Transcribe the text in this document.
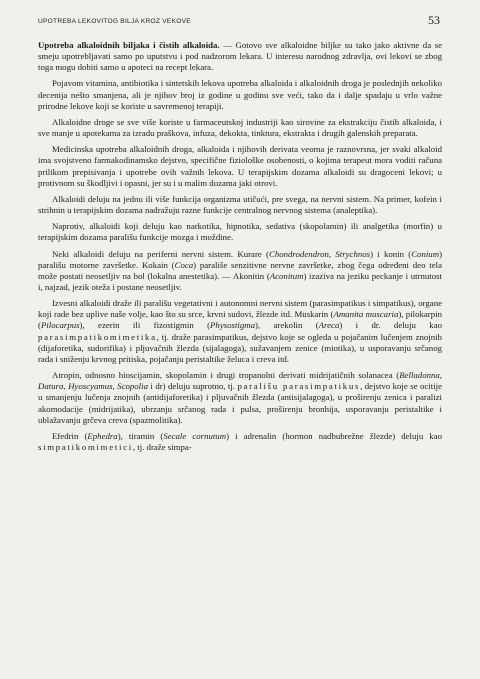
UPOTREBA LEKOVITOG BILJA KROZ VEKOVE	53

Upotreba alkaloidnih biljaka i čistih alkaloida. — Gotovo sve alkaloidne biljke su tako jako aktivne da se smeju upotrebljavati samo po uputstvu i pod nadzorom lekara. U interesu narodnog zdravlja, ovi lekovi se zbog toga mogu dobiti samo u apoteci na recept lekara.

Pojavom vitamina, antibiotika i sintetskih lekova upotreba alkaloida i alkaloidnih droga je poslednjih nekoliko decenija nešto smanjena, ali je njihov broj iz godine u godinu sve veći, tako da i dalje spadaju u vrlo važne prirodne lekove koji se koriste u savremenoj terapiji.

Alkaloidne droge se sve više koriste u farmaceutskoj industriji kao sirovine za ekstrakciju čistih alkaloida, i sve manje u apotekama za izradu praškova, infuza, dekokta, tinktura, ekstrakta i drugih galenskih preparata.

Medicinska upotreba alkaloidnih droga, alkaloida i njihovih derivata veoma je raznovrsna, jer svaki alkaloid ima svojstveno farmakodinamsko dejstvo, specifične fiziološke osobenosti, o kojima terapeut mora voditi računa prilikom prepisivanja i upotrebe ovih važnih lekova. U terapijskim dozama alkaloidi su dragoceni lekovi; u protivnom su škodljivi i opasni, jer su i u malim dozama jaki otrovi.

Alkaloidi deluju na jednu ili više funkcija organizma utičući, pre svega, na nervni sistem. Na primer, kofein i strihnin u terapijskim dozama nadražuju razne funkcije centralnog nervnog sistema (analeptika).

Naprotiv, alkaloidi koji deluju kao narkotika, hipnotika, sedativa (skopolamin) ili analgetika (morfin) u terapijskim dozama parališu funkcije mozga i moždine.

Neki alkaloidi deluju na periferni nervni sistem. Kurare (Chondrodendron, Strychnos) i konin (Conium) parališu motorne završetke. Kokain (Coca) parališe senzitivne nervne završetke, zbog čega određeni deo tela može postati neosetljiv na bol (lokalna anestetika). — Akonitin (Aconitum) izaziva na jeziku peckanje i utrnutost i, najzad, jezik oteža i postane neosetljiv.

Izvesni alkaloidi draže ili parališu vegetativni i autonomni nervni sistem (parasimpatikus i simpatikus), organe koji rade bez uplive naše volje, kao što su srce, krvni sudovi, žlezde itd. Muskarin (Amanita muscaria), pilokarpin (Pilocarpus), ezerin ili fizostigmin (Physostigma), arekolin (Areca) i dr. deluju kao parasimpatikomimetika, tj. draže parasimpatikus, dejstvo koje se ogleda u pojačanim lučenjem znojnih (dijaforetika, sudorifika) i pljuvačnih žlezda (sijalagoga), sužavanjem zenice (miotika), u usporavanju srčanog rada i sniženju krvnog pritiska, pojačanju peristaltike želuca i creva itd.

Atropin, odnosno hioscijamin, skopolamin i drugi tropanolni derivati midrijatičnih solanacea (Belladonna, Datura, Hyoscyamus, Scopolia i dr) deluju suprotno, tj. parališu parasimpatikus, dejstvo koje se ocitije u smanjenju lučenja znojnih (antidijaforetika) i pljuvačnih žlezda (antisijalagoga), u proširenju zenica i paralizi akomodacije (midrijatika), ubrzanju srčanog rada i pulsa, proširenju bronhija, usporavanju peristaltike i ublažavanju grčeva creva (spazmolitika).

Efedrin (Ephedra), tiramin (Secale cornutum) i adrenalin (hormon nadbubrežne žlezde) deluju kao simpatikomimetici, tj. draže simpa-
